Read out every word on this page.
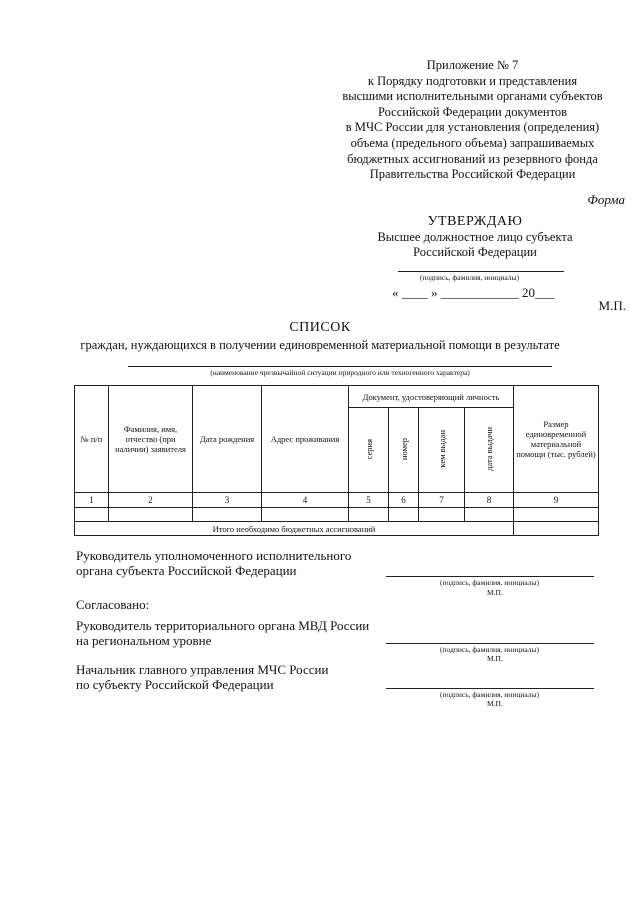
Приложение № 7
к Порядку подготовки и представления
высшими исполнительными органами субъектов
Российской Федерации документов
в МЧС России для установления (определения)
объема (предельного объема) запрашиваемых
бюджетных ассигнований из резервного фонда
Правительства Российской Федерации
Форма
УТВЕРЖДАЮ
Высшее должностное лицо субъекта
Российской Федерации
(подпись, фамилия, инициалы)
« ____ » ____________ 20___
М.П.
СПИСОК
граждан, нуждающихся в получении единовременной материальной помощи в результате
(наименование чрезвычайной ситуации природного или техногенного характера)
№ п/п	Фамилия, имя, отчество (при наличии) заявителя	Дата рождения	Адрес проживания	Документ, удостоверяющий личность				Размер единовременной материальной помощи (тыс. рублей)
				серия	номер	кем выдан	дата выдачи	
1	2	3	4	5	6	7	8	9

Итого необходимо бюджетных ассигнований								
Руководитель уполномоченного исполнительного
органа субъекта Российской Федерации
(подпись, фамилия, инициалы)
М.П.
Согласовано:
Руководитель территориального органа МВД России
на региональном уровне
(подпись, фамилия, инициалы)
М.П.
Начальник главного управления МЧС России
по субъекту Российской Федерации
(подпись, фамилия, инициалы)
М.П.
